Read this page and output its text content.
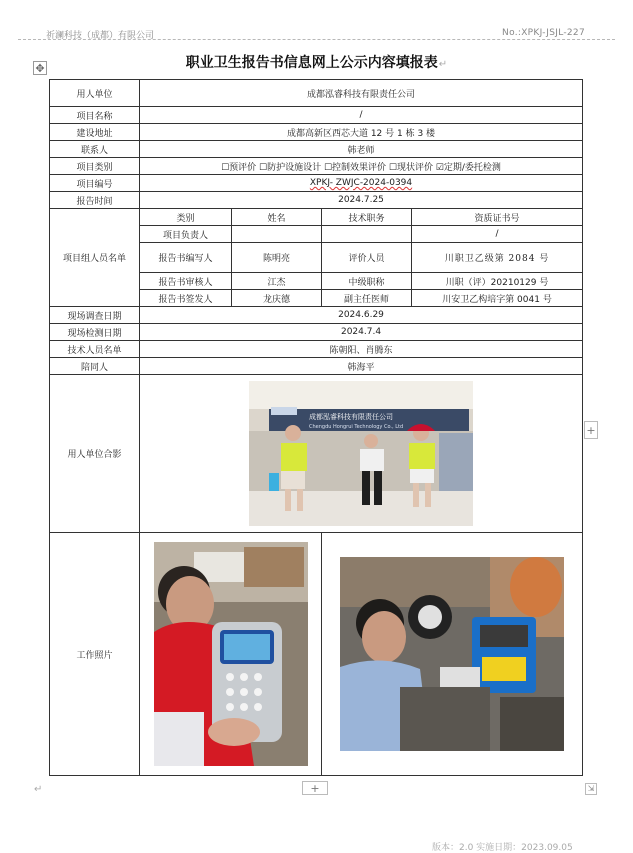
祈澜科技（成都）有限公司	No.:XPKJ-JSJL-227
✥	职业卫生报告书信息网上公示内容填报表↵
用人单位	成都泓睿科技有限责任公司			
项目名称	/			
建设地址	成都高新区西芯大道 12 号 1 栋 3 楼			
联系人	韩老师			
项目类别	☐预评价 ☐防护设施设计 ☐控制效果评价 ☐现状评价 ☑定期/委托检测			
项目编号	XPKJ- ZWJC-2024-0394			
报告时间	2024.7.25			
项目组人员名单	类别	姓名	技术职务	资质证书号
	项目负责人			/
	报告书编写人	陈明亮	评价人员	川职卫乙级第 2084 号
	报告书审核人	江杰	中级职称	川职（评）20210129 号
	报告书签发人	龙庆德	副主任医师	川安卫乙构培字第 0041 号
现场调查日期	2024.6.29			
现场检测日期	2024.7.4			
技术人员名单	陈朝阳、肖腾东			
陪同人	韩海平			
用人单位合影	成都泓睿科技有限责任公司
Chengdu Hongrui Technology Co., Ltd			

工作照片	

+
+	⇲
↵
版本：2.0 实施日期：2023.09.05
